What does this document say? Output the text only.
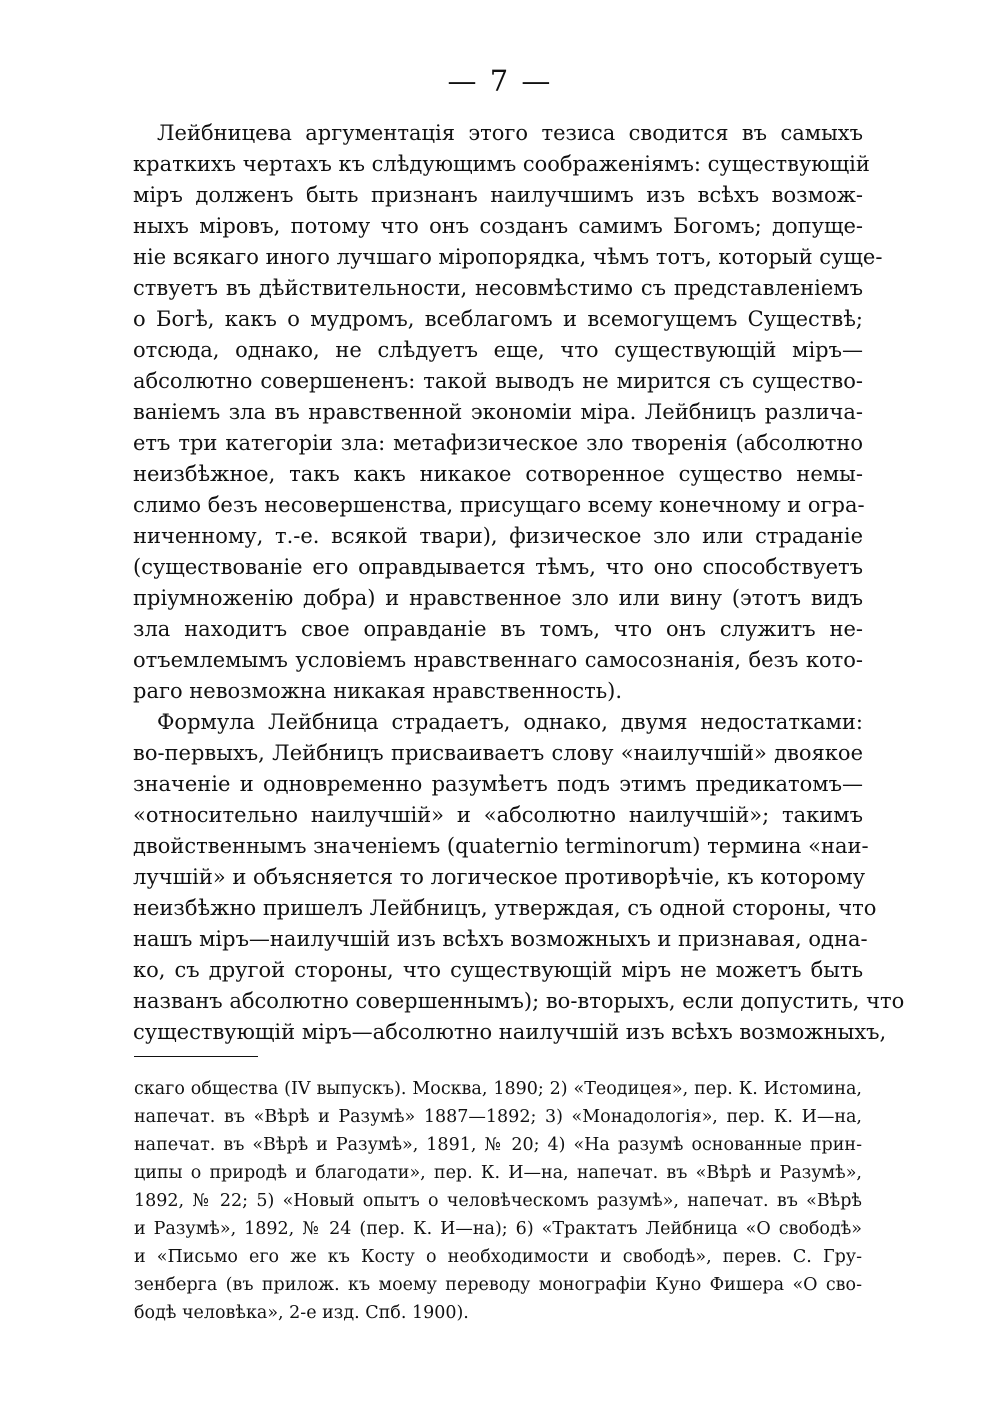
— 7 —
Лейбницева аргументація этого тезиса сводится въ самыхъ
краткихъ чертахъ къ слѣдующимъ соображеніямъ: существующій
міръ долженъ быть признанъ наилучшимъ изъ всѣхъ возмож-
ныхъ міровъ, потому что онъ созданъ самимъ Богомъ; допуще-
ніе всякаго иного лучшаго міропорядка, чѣмъ тотъ, который суще-
ствуетъ въ дѣйствительности, несовмѣстимо съ представленіемъ
о Богѣ, какъ о мудромъ, всеблагомъ и всемогущемъ Существѣ;
отсюда, однако, не слѣдуетъ еще, что существующій міръ—
абсолютно совершененъ: такой выводъ не мирится съ существо-
ваніемъ зла въ нравственной экономіи міра. Лейбницъ различа-
етъ три категоріи зла: метафизическое зло творенія (абсолютно
неизбѣжное, такъ какъ никакое сотворенное существо немы-
слимо безъ несовершенства, присущаго всему конечному и огра-
ниченному, т.-е. всякой твари), физическое зло или страданіе
(существованіе его оправдывается тѣмъ, что оно способствуетъ
пріумноженію добра) и нравственное зло или вину (этотъ видъ
зла находитъ свое оправданіе въ томъ, что онъ служитъ не-
отъемлемымъ условіемъ нравственнаго самосознанія, безъ кото-
раго невозможна никакая нравственность).
Формула Лейбница страдаетъ, однако, двумя недостатками:
во-первыхъ, Лейбницъ присваиваетъ слову «наилучшій» двоякое
значеніе и одновременно разумѣетъ подъ этимъ предикатомъ—
«относительно наилучшій» и «абсолютно наилучшій»; такимъ
двойственнымъ значеніемъ (quaternio terminorum) термина «наи-
лучшій» и объясняется то логическое противорѣчіе, къ которому
неизбѣжно пришелъ Лейбницъ, утверждая, съ одной стороны, что
нашъ міръ—наилучшій изъ всѣхъ возможныхъ и признавая, одна-
ко, съ другой стороны, что существующій міръ не можетъ быть
названъ абсолютно совершеннымъ); во-вторыхъ, если допустить, что
существующій міръ—абсолютно наилучшій изъ всѣхъ возможныхъ,
скаго общества (IV выпускъ). Москва, 1890; 2) «Теодицея», пер. К. Истомина,
напечат. въ «Вѣрѣ и Разумѣ» 1887—1892; 3) «Монадологія», пер. К. И—на,
напечат. въ «Вѣрѣ и Разумѣ», 1891, № 20; 4) «На разумѣ основанные прин-
ципы о природѣ и благодати», пер. К. И—на, напечат. въ «Вѣрѣ и Разумѣ»,
1892, № 22; 5) «Новый опытъ о человѣческомъ разумѣ», напечат. въ «Вѣрѣ
и Разумѣ», 1892, № 24 (пер. К. И—на); 6) «Трактатъ Лейбница «О свободѣ»
и «Письмо его же къ Косту о необходимости и свободѣ», перев. С. Гру-
зенберга (въ прилож. къ моему переводу монографіи Куно Фишера «О сво-
бодѣ человѣка», 2-е изд. Спб. 1900).
